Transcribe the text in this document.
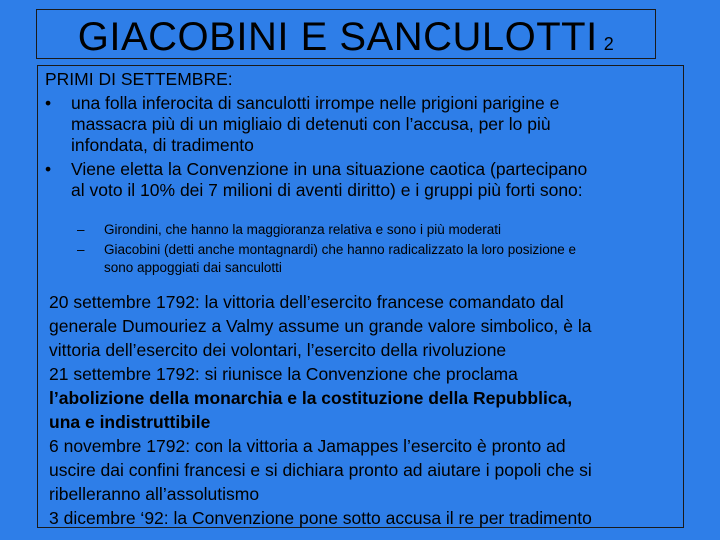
GIACOBINI E SANCULOTTI 2
PRIMI DI SETTEMBRE:
• una folla inferocita di sanculotti irrompe nelle prigioni parigine e
massacra più di un migliaio di detenuti con l’accusa, per lo più
infondata, di tradimento
• Viene eletta la Convenzione in una situazione caotica (partecipano
al voto il 10% dei 7 milioni di aventi diritto) e i gruppi più forti sono:
– Girondini, che hanno la maggioranza relativa e sono i più moderati
– Giacobini (detti anche montagnardi) che hanno radicalizzato la loro posizione e
sono appoggiati dai sanculotti
20 settembre 1792: la vittoria dell’esercito francese comandato dal
generale Dumouriez a Valmy assume un grande valore simbolico, è la
vittoria dell’esercito dei volontari, l’esercito della rivoluzione
21 settembre 1792: si riunisce la Convenzione che proclama
l’abolizione della monarchia e la costituzione della Repubblica,
una e indistruttibile
6 novembre 1792: con la vittoria a Jamappes l’esercito è pronto ad
uscire dai confini francesi e si dichiara pronto ad aiutare i popoli che si
ribelleranno all’assolutismo
3 dicembre ‘92: la Convenzione pone sotto accusa il re per tradimento
